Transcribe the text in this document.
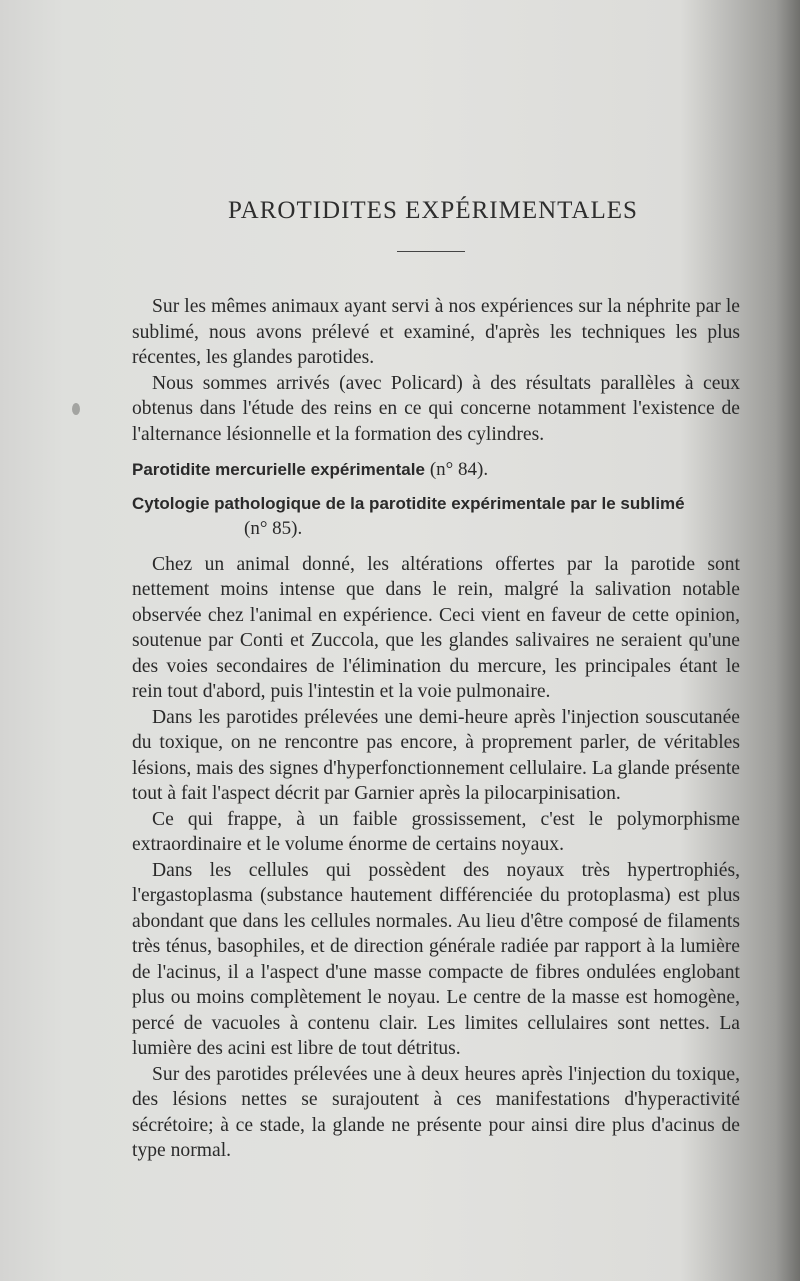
PAROTIDITES EXPÉRIMENTALES

Sur les mêmes animaux ayant servi à nos expériences sur la néphrite par le sublimé, nous avons prélevé et examiné, d'après les techniques les plus récentes, les glandes parotides.

Nous sommes arrivés (avec Policard) à des résultats parallèles à ceux obtenus dans l'étude des reins en ce qui concerne notamment l'existence de l'alternance lésionnelle et la formation des cylindres.

Parotidite mercurielle expérimentale (n° 84).

Cytologie pathologique de la parotidite expérimentale par le sublimé
(n° 85).

Chez un animal donné, les altérations offertes par la parotide sont nettement moins intense que dans le rein, malgré la salivation notable observée chez l'animal en expérience. Ceci vient en faveur de cette opinion, soutenue par Conti et Zuccola, que les glandes salivaires ne seraient qu'une des voies secondaires de l'élimination du mercure, les principales étant le rein tout d'abord, puis l'intestin et la voie pulmonaire.

Dans les parotides prélevées une demi-heure après l'injection souscutanée du toxique, on ne rencontre pas encore, à proprement parler, de véritables lésions, mais des signes d'hyperfonctionnement cellulaire. La glande présente tout à fait l'aspect décrit par Garnier après la pilocarpinisation.

Ce qui frappe, à un faible grossissement, c'est le polymorphisme extraordinaire et le volume énorme de certains noyaux.

Dans les cellules qui possèdent des noyaux très hypertrophiés, l'ergastoplasma (substance hautement différenciée du protoplasma) est plus abondant que dans les cellules normales. Au lieu d'être composé de filaments très ténus, basophiles, et de direction générale radiée par rapport à la lumière de l'acinus, il a l'aspect d'une masse compacte de fibres ondulées englobant plus ou moins complètement le noyau. Le centre de la masse est homogène, percé de vacuoles à contenu clair. Les limites cellulaires sont nettes. La lumière des acini est libre de tout détritus.

Sur des parotides prélevées une à deux heures après l'injection du toxique, des lésions nettes se surajoutent à ces manifestations d'hyperactivité sécrétoire; à ce stade, la glande ne présente pour ainsi dire plus d'acinus de type normal.
